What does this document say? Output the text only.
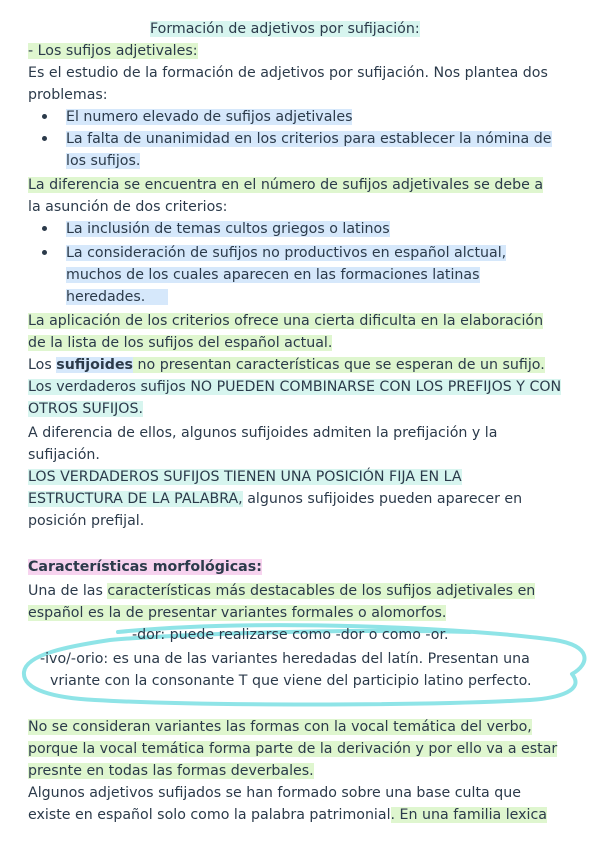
Formación de adjetivos por sufijación:
- Los sufijos adjetivales:
Es el estudio de la formación de adjetivos por sufijación. Nos plantea dos
problemas:
El numero elevado de sufijos adjetivales
La falta de unanimidad en los criterios para establecer la nómina de
los sufijos.
La diferencia se encuentra en el número de sufijos adjetivales se debe a
la asunción de dos criterios:
La inclusión de temas cultos griegos o latinos
La consideración de sufijos no productivos en español alctual,
muchos de los cuales aparecen en las formaciones latinas
heredades.
La aplicación de los criterios ofrece una cierta dificulta en la elaboración
de la lista de los sufijos del español actual.
Los sufijoides no presentan características que se esperan de un sufijo.
Los verdaderos sufijos NO PUEDEN COMBINARSE CON LOS PREFIJOS Y CON
OTROS SUFIJOS.
A diferencia de ellos, algunos sufijoides admiten la prefijación y la
sufijación.
LOS VERDADEROS SUFIJOS TIENEN UNA POSICIÓN FIJA EN LA
ESTRUCTURA DE LA PALABRA, algunos sufijoides pueden aparecer en
posición prefijal.
Características morfológicas:
Una de las características más destacables de los sufijos adjetivales en
español es la de presentar variantes formales o alomorfos.
-dor: puede realizarse como -dor o como -or.
-ivo/-orio: es una de las variantes heredadas del latín. Presentan una
vriante con la consonante T que viene del participio latino perfecto.
No se consideran variantes las formas con la vocal temática del verbo,
porque la vocal temática forma parte de la derivación y por ello va a estar
presnte en todas las formas deverbales.
Algunos adjetivos sufijados se han formado sobre una base culta que
existe en español solo como la palabra patrimonial. En una familia lexica
